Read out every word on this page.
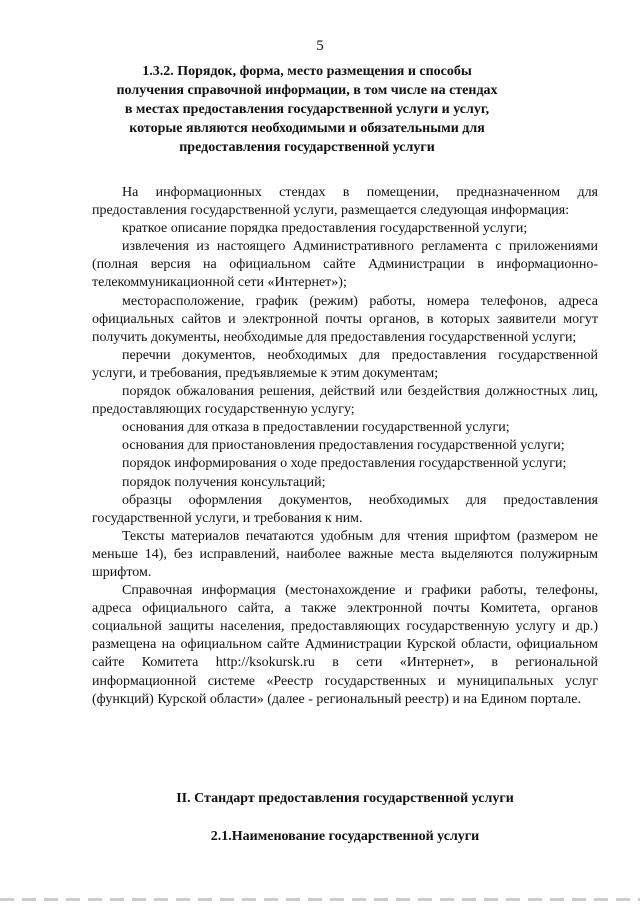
5
1.3.2. Порядок, форма, место размещения и способы получения справочной информации, в том числе на стендах в местах предоставления государственной услуги и услуг, которые являются необходимыми и обязательными для предоставления государственной услуги

На информационных стендах в помещении, предназначенном для предоставления государственной услуги, размещается следующая информация:

краткое описание порядка предоставления государственной услуги;

извлечения из настоящего Административного регламента с приложениями (полная версия на официальном сайте Администрации в информационно-телекоммуникационной сети «Интернет»);

месторасположение, график (режим) работы, номера телефонов, адреса официальных сайтов и электронной почты органов, в которых заявители могут получить документы, необходимые для предоставления государственной услуги;

перечни документов, необходимых для предоставления государственной услуги, и требования, предъявляемые к этим документам;

порядок обжалования решения, действий или бездействия должностных лиц, предоставляющих государственную услугу;

основания для отказа в предоставлении государственной услуги;

основания для приостановления предоставления государственной услуги;

порядок информирования о ходе предоставления государственной услуги;

порядок получения консультаций;

образцы оформления документов, необходимых для предоставления государственной услуги, и требования к ним.

Тексты материалов печатаются удобным для чтения шрифтом (размером не меньше 14), без исправлений, наиболее важные места выделяются полужирным шрифтом.

Справочная информация (местонахождение и графики работы, телефоны, адреса официального сайта, а также электронной почты Комитета, органов социальной защиты населения, предоставляющих государственную услугу и др.) размещена на официальном сайте Администрации Курской области, официальном сайте Комитета http://ksokursk.ru в сети «Интернет», в региональной информационной системе «Реестр государственных и муниципальных услуг (функций) Курской области» (далее - региональный реестр) и на Едином портале.

II. Стандарт предоставления государственной услуги
2.1.Наименование государственной услуги
